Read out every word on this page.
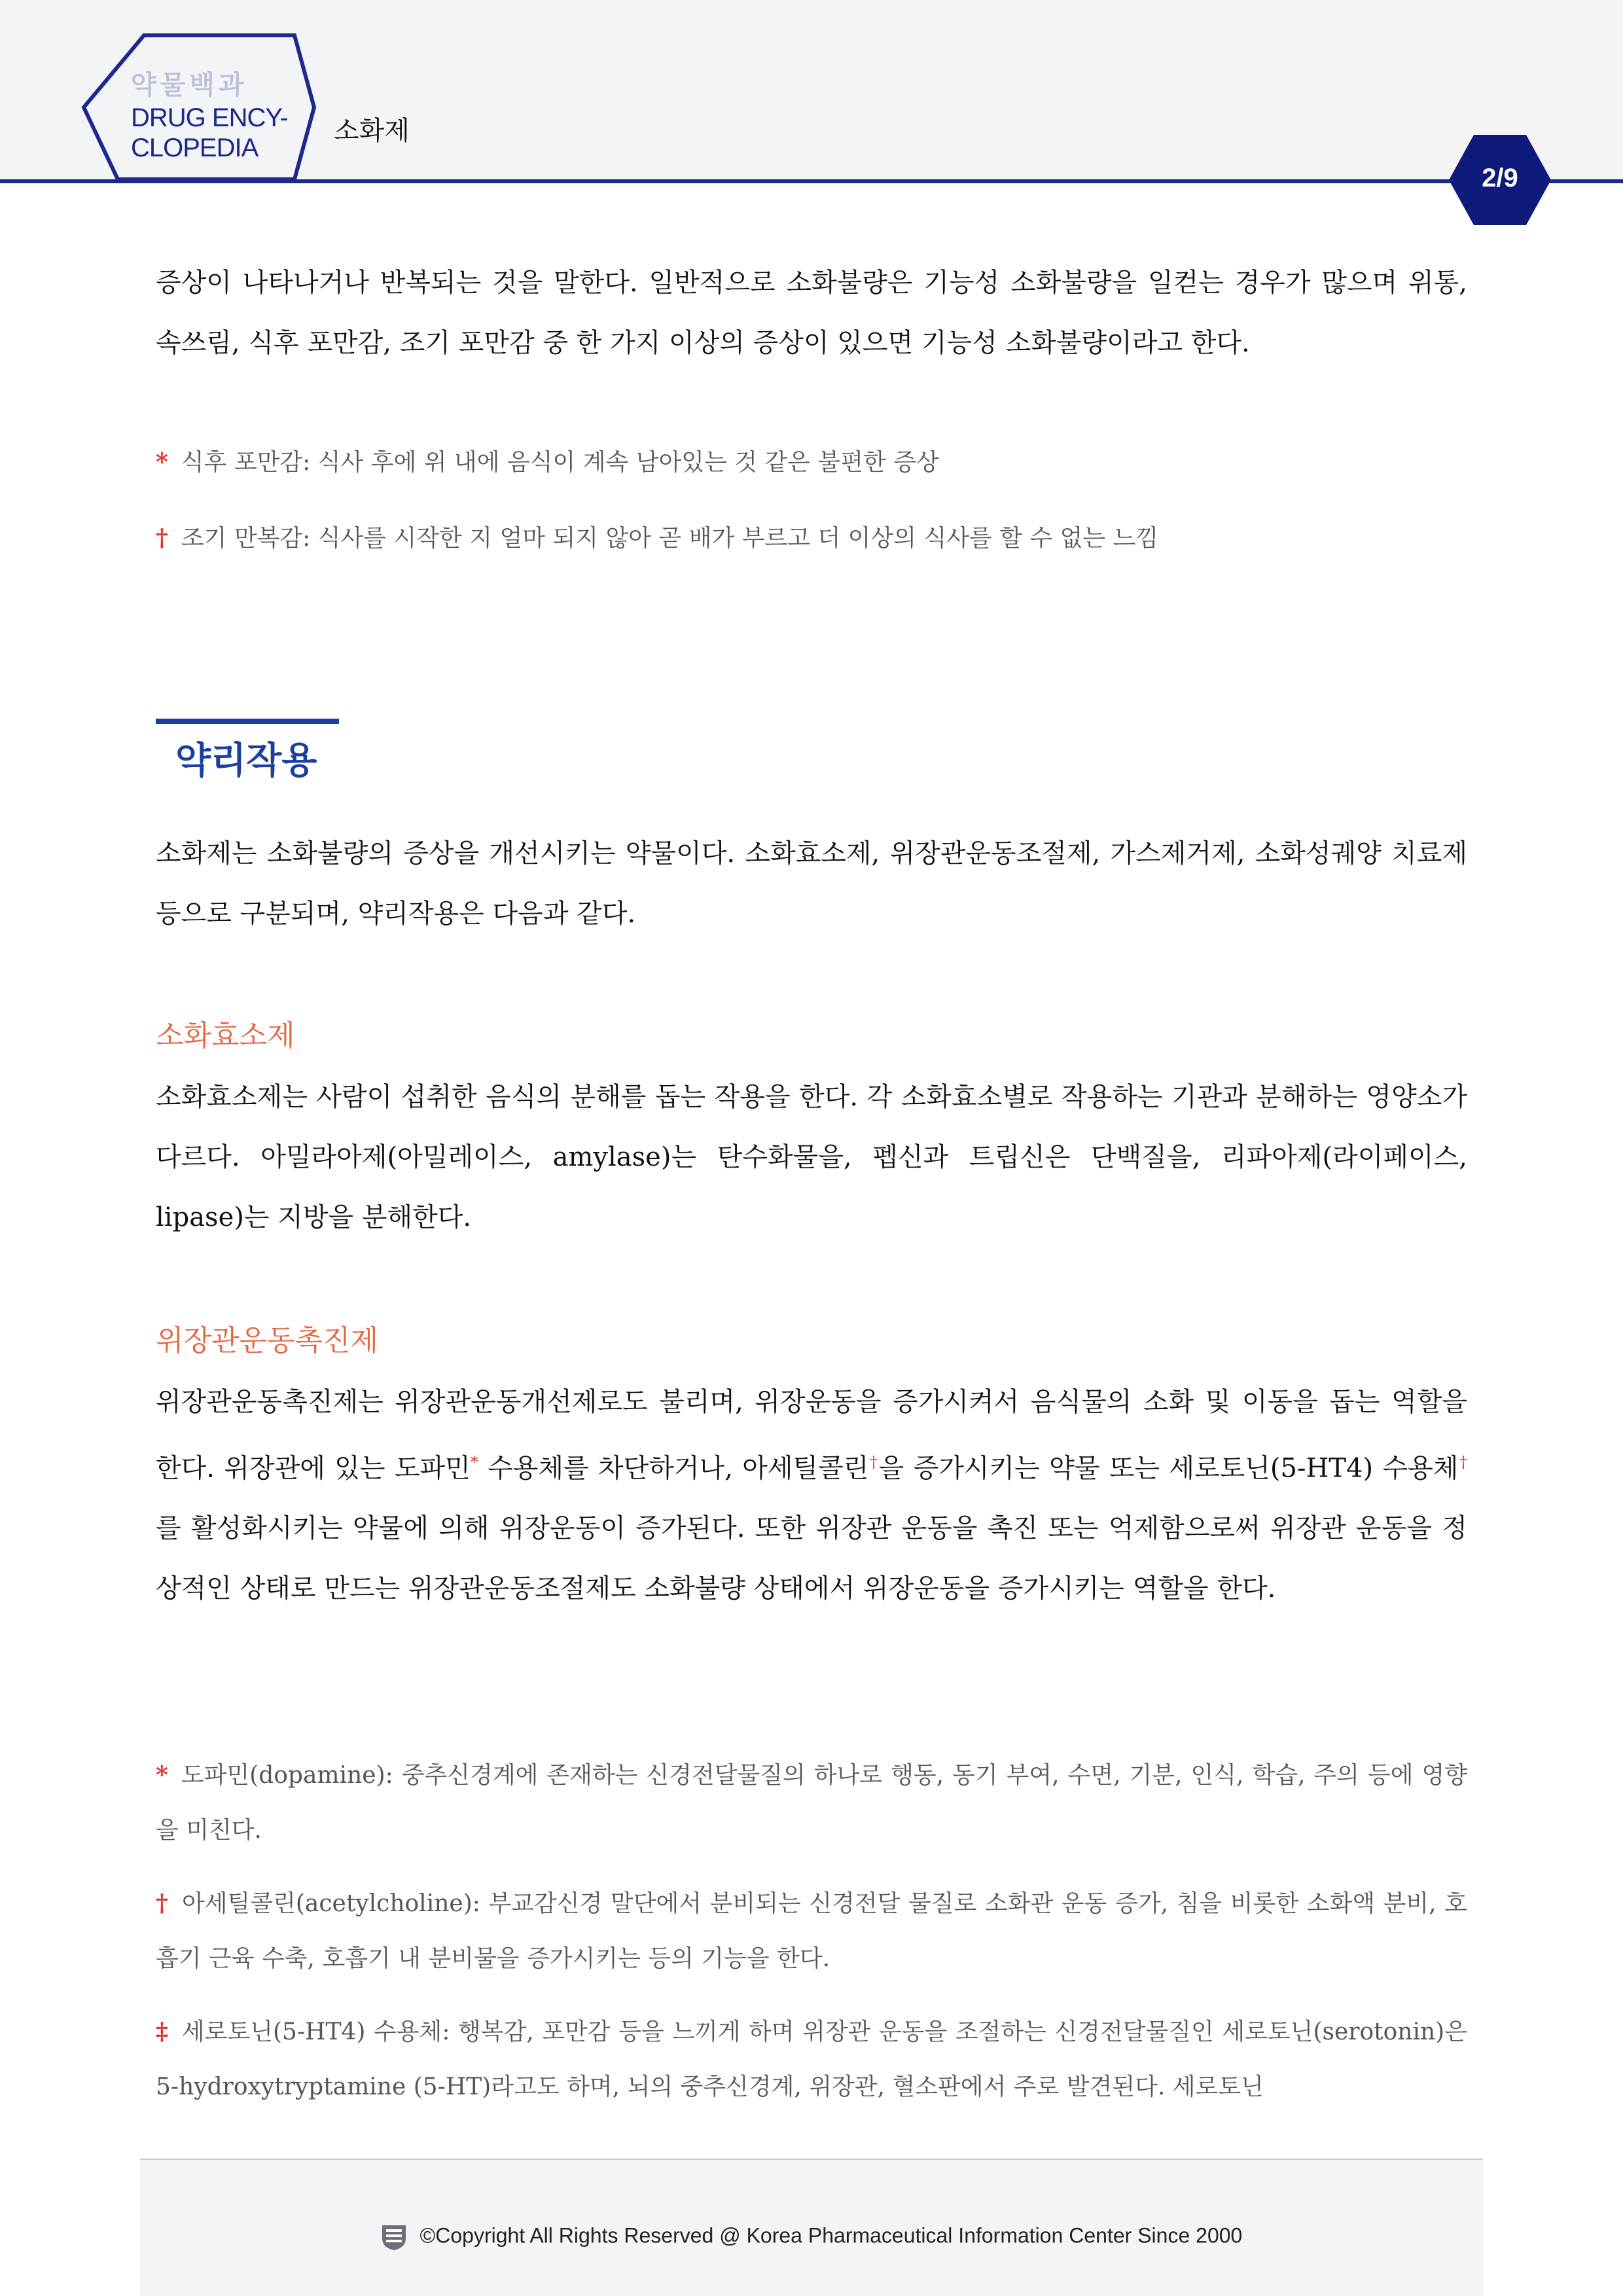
약물백과
DRUG ENCY-
CLOPEDIA
소화제
2/9
증상이 나타나거나 반복되는 것을 말한다. 일반적으로 소화불량은 기능성 소화불량을 일컫는 경우가 많으며 위통, 속쓰림, 식후 포만감, 조기 포만감 중 한 가지 이상의 증상이 있으면 기능성 소화불량이라고 한다.
* 식후 포만감: 식사 후에 위 내에 음식이 계속 남아있는 것 같은 불편한 증상
† 조기 만복감: 식사를 시작한 지 얼마 되지 않아 곧 배가 부르고 더 이상의 식사를 할 수 없는 느낌
약리작용
소화제는 소화불량의 증상을 개선시키는 약물이다. 소화효소제, 위장관운동조절제, 가스제거제, 소화성궤양 치료제 등으로 구분되며, 약리작용은 다음과 같다.
소화효소제
소화효소제는 사람이 섭취한 음식의 분해를 돕는 작용을 한다. 각 소화효소별로 작용하는 기관과 분해하는 영양소가 다르다. 아밀라아제(아밀레이스, amylase)는 탄수화물을, 펩신과 트립신은 단백질을, 리파아제(라이페이스, lipase)는 지방을 분해한다.
위장관운동촉진제
위장관운동촉진제는 위장관운동개선제로도 불리며, 위장운동을 증가시켜서 음식물의 소화 및 이동을 돕는 역할을 한다. 위장관에 있는 도파민* 수용체를 차단하거나, 아세틸콜린†을 증가시키는 약물 또는 세로토닌(5-HT4) 수용체†를 활성화시키는 약물에 의해 위장운동이 증가된다. 또한 위장관 운동을 촉진 또는 억제함으로써 위장관 운동을 정상적인 상태로 만드는 위장관운동조절제도 소화불량 상태에서 위장운동을 증가시키는 역할을 한다.
* 도파민(dopamine): 중추신경계에 존재하는 신경전달물질의 하나로 행동, 동기 부여, 수면, 기분, 인식, 학습, 주의 등에 영향을 미친다.
† 아세틸콜린(acetylcholine): 부교감신경 말단에서 분비되는 신경전달 물질로 소화관 운동 증가, 침을 비롯한 소화액 분비, 호흡기 근육 수축, 호흡기 내 분비물을 증가시키는 등의 기능을 한다.
‡ 세로토닌(5-HT4) 수용체: 행복감, 포만감 등을 느끼게 하며 위장관 운동을 조절하는 신경전달물질인 세로토닌(serotonin)은 5-hydroxytryptamine (5-HT)라고도 하며, 뇌의 중추신경계, 위장관, 혈소판에서 주로 발견된다. 세로토닌
©Copyright All Rights Reserved @ Korea Pharmaceutical Information Center Since 2000
